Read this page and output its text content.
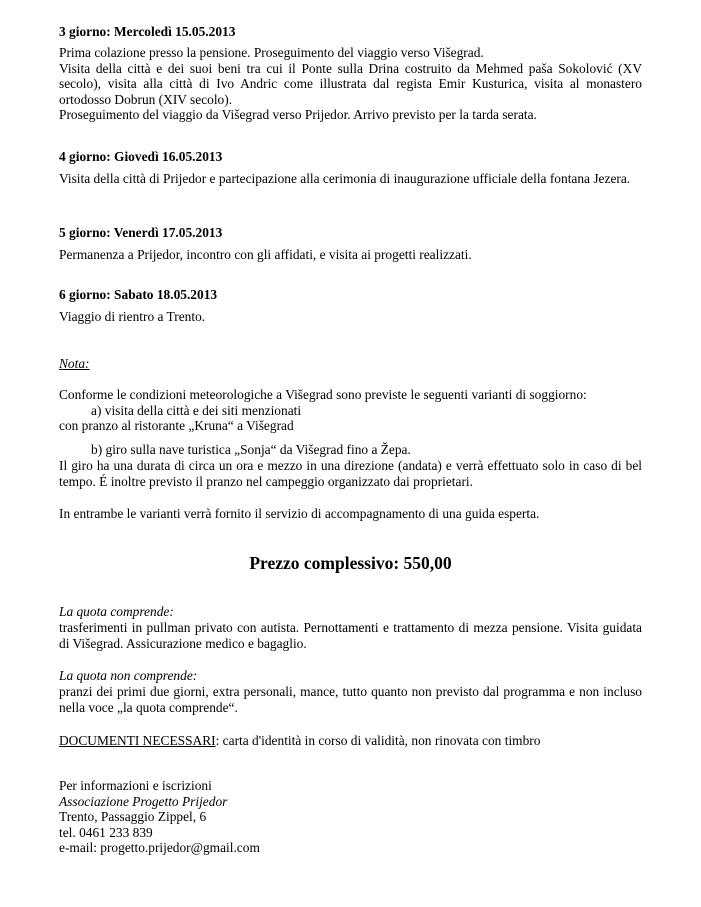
3 giorno: Mercoledì 15.05.2013

Prima colazione presso la pensione. Proseguimento del viaggio verso Višegrad.

Visita della città e dei suoi beni tra cui il Ponte sulla Drina costruito da Mehmed paša Sokolović (XV secolo), visita alla città di Ivo Andric come illustrata dal regista Emir Kusturica, visita al monastero ortodosso Dobrun (XIV secolo).

Proseguimento del viaggio da Višegrad verso Prijedor. Arrivo previsto per la tarda serata.

4 giorno: Giovedì 16.05.2013

Visita della città di Prijedor e partecipazione alla cerimonia di inaugurazione ufficiale della fontana Jezera.

5 giorno: Venerdì 17.05.2013

Permanenza a Prijedor, incontro con gli affidati, e visita ai progetti realizzati.

6 giorno: Sabato 18.05.2013

Viaggio di rientro a Trento.

Nota:
Conforme le condizioni meteorologiche a Višegrad sono previste le seguenti varianti di soggiorno:
a) visita della città e dei siti menzionati
con pranzo al ristorante „Kruna“ a Višegrad
b) giro sulla nave turistica „Sonja“ da Višegrad fino a Žepa.
Il giro ha una durata di circa un ora e mezzo in una direzione (andata) e verrà effettuato solo in caso di bel tempo. É inoltre previsto il pranzo nel campeggio organizzato dai proprietari.
In entrambe le varianti verrà fornito il servizio di accompagnamento di una guida esperta.
Prezzo complessivo: 550,00
La quota comprende:
trasferimenti in pullman privato con autista. Pernottamenti e trattamento di mezza pensione. Visita guidata di Višegrad. Assicurazione medico e bagaglio.
La quota non comprende:
pranzi dei primi due giorni, extra personali, mance, tutto quanto non previsto dal programma e non incluso nella voce „la quota comprende“.
DOCUMENTI NECESSARI: carta d'identità in corso di validità, non rinovata con timbro
Per informazioni e iscrizioni
Associazione Progetto Prijedor
Trento, Passaggio Zippel, 6
tel. 0461 233 839
e-mail: progetto.prijedor@gmail.com
